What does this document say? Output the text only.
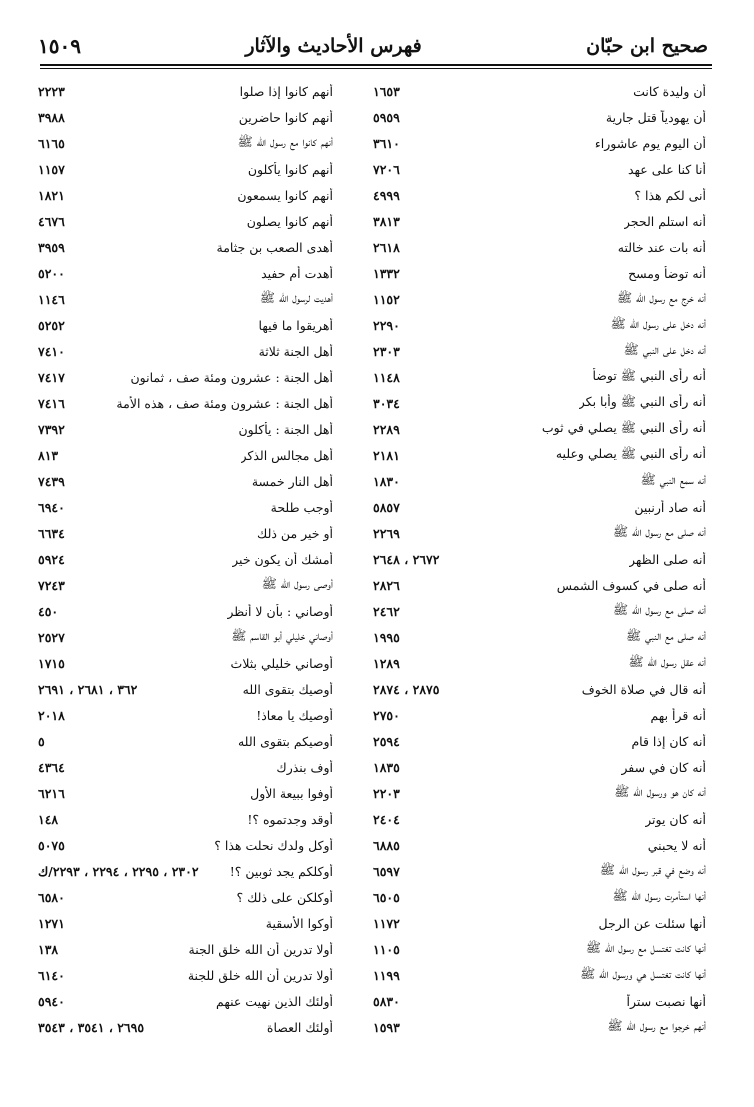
صحيح ابن حبّان
فهرس الأحاديث والآثار
١٥٠٩
أن وليدة كانت
١٦٥٣
أن يهودياً قتل جارية
٥٩٥٩
أن اليوم يوم عاشوراء
٣٦١٠
أنا كنا على عهد
٧٢٠٦
أنى لكم هذا ؟
٤٩٩٩
أنه استلم الحجر
٣٨١٣
أنه بات عند خالته
٢٦١٨
أنه توضأ ومسح
١٣٣٢
أنه خرج مع رسول الله ﷺ
١١٥٢
أنه دخل على رسول الله ﷺ
٢٢٩٠
أنه دخل على النبي ﷺ
٢٣٠٣
أنه رأى النبي ﷺ توضأ
١١٤٨
أنه رأى النبي ﷺ وأبا بكر
٣٠٣٤
أنه رأى النبي ﷺ يصلي في ثوب
٢٢٨٩
أنه رأى النبي ﷺ يصلي وعليه
٢١٨١
أنه سمع النبي ﷺ
١٨٣٠
أنه صاد أرنبين
٥٨٥٧
أنه صلى مع رسول الله ﷺ
٢٢٦٩
أنه صلى الظهر
٢٦٧٢ ، ٢٦٤٨
أنه صلى في كسوف الشمس
٢٨٢٦
أنه صلى مع رسول الله ﷺ
٢٤٦٢
أنه صلى مع النبي ﷺ
١٩٩٥
أنه عقل رسول الله ﷺ
١٢٨٩
أنه قال في صلاة الخوف
٢٨٧٥ ، ٢٨٧٤
أنه قرأ بهم
٢٧٥٠
أنه كان إذا قام
٢٥٩٤
أنه كان في سفر
١٨٣٥
أنه كان هو ورسول الله ﷺ
٢٢٠٣
أنه كان يوتر
٢٤٠٤
أنه لا يحبني
٦٨٨٥
أنه وضع في قبر رسول الله ﷺ
٦٥٩٧
أنها استأمرت رسول الله ﷺ
٦٥٠٥
أنها سئلت عن الرجل
١١٧٢
أنها كانت تغتسل مع رسول الله ﷺ
١١٠٥
أنها كانت تغتسل هي ورسول الله ﷺ
١١٩٩
أنها نصبت ستراً
٥٨٣٠
أنهم خرجوا مع رسول الله ﷺ
١٥٩٣
أنهم كانوا إذا صلوا
٢٢٢٣
أنهم كانوا حاضرين
٣٩٨٨
أنهم كانوا مع رسول الله ﷺ
٦١٦٥
أنهم كانوا يأكلون
١١٥٧
أنهم كانوا يسمعون
١٨٢١
أنهم كانوا يصلون
٤٦٧٦
أهدى الصعب بن جثامة
٣٩٥٩
أهدت أم حفيد
٥٢٠٠
أهديت لرسول الله ﷺ
١١٤٦
أهريقوا ما فيها
٥٢٥٢
أهل الجنة ثلاثة
٧٤١٠
أهل الجنة : عشرون ومئة صف ، ثمانون
٧٤١٧
أهل الجنة : عشرون ومئة صف ، هذه الأمة
٧٤١٦
أهل الجنة : يأكلون
٧٣٩٢
أهل مجالس الذكر
٨١٣
أهل النار خمسة
٧٤٣٩
أوجب طلحة
٦٩٤٠
أو خير من ذلك
٦٦٣٤
أمشك أن يكون خير
٥٩٢٤
أوصى رسول الله ﷺ
٧٢٤٣
أوصاني : بأن لا أنظر
٤٥٠
أوصاني خليلي أبو القاسم ﷺ
٢٥٢٧
أوصاني خليلي بثلاث
١٧١٥
أوصيك بتقوى الله
٣٦٢ ، ٢٦٨١ ، ٢٦٩١
أوصيك يا معاذ!
٢٠١٨
أوصيكم بتقوى الله
٥
أوف بنذرك
٤٣٦٤
أوفوا ببيعة الأول
٦٢١٦
أوقد وجدتموه ؟!
١٤٨
أوكل ولدك نحلت هذا ؟
٥٠٧٥
أوكلكم يجد ثوبين ؟!
٢٣٠٢ ، ٢٢٩٥ ، ٢٢٩٤ ، ٢٢٩٣/ك
أوكلكن على ذلك ؟
٦٥٨٠
أوكوا الأسقية
١٢٧١
أولا تدرين أن الله خلق الجنة
١٣٨
أولا تدرين أن الله خلق للجنة
٦١٤٠
أولئك الذين نهيت عنهم
٥٩٤٠
أولئك العصاة
٢٦٩٥ ، ٣٥٤١ ، ٣٥٤٣
